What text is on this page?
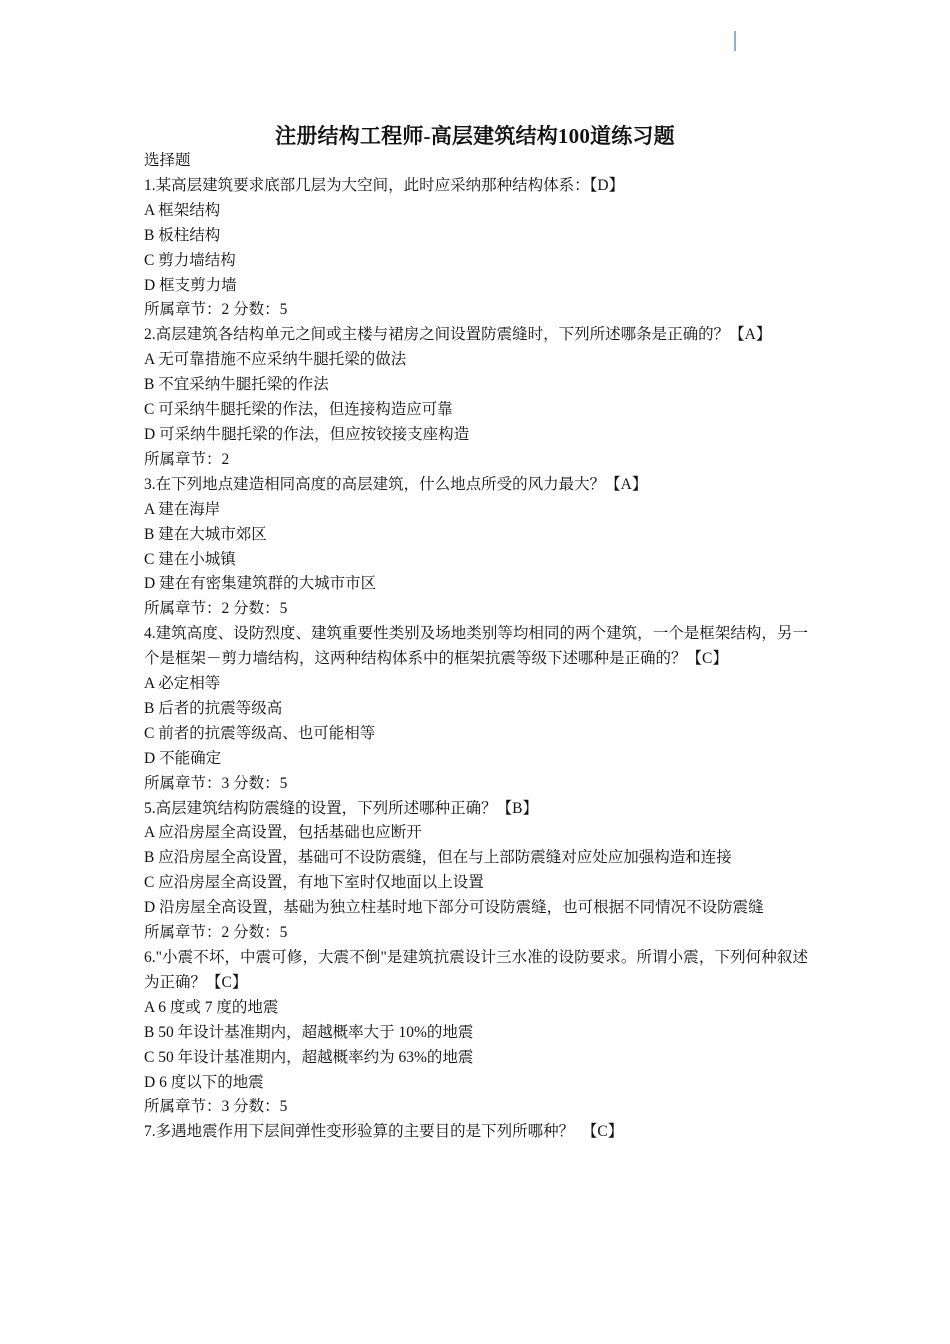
注册结构工程师-高层建筑结构100道练习题
选择题
1.某高层建筑要求底部几层为大空间，此时应采纳那种结构体系：【D】
A 框架结构
B 板柱结构
C 剪力墙结构
D 框支剪力墙
所属章节：2 分数：5
2.高层建筑各结构单元之间或主楼与裙房之间设置防震缝时，下列所述哪条是正确的？【A】
A 无可靠措施不应采纳牛腿托梁的做法
B 不宜采纳牛腿托梁的作法
C 可采纳牛腿托梁的作法，但连接构造应可靠
D 可采纳牛腿托梁的作法，但应按铰接支座构造
所属章节：2
3.在下列地点建造相同高度的高层建筑，什么地点所受的风力最大？【A】
A 建在海岸
B 建在大城市郊区
C 建在小城镇
D 建在有密集建筑群的大城市市区
所属章节：2 分数：5
4.建筑高度、设防烈度、建筑重要性类别及场地类别等均相同的两个建筑，一个是框架结构，另一个是框架－剪力墙结构，这两种结构体系中的框架抗震等级下述哪种是正确的？【C】
A 必定相等
B 后者的抗震等级高
C 前者的抗震等级高、也可能相等
D 不能确定
所属章节：3 分数：5
5.高层建筑结构防震缝的设置，下列所述哪种正确？【B】
A 应沿房屋全高设置，包括基础也应断开
B 应沿房屋全高设置，基础可不设防震缝，但在与上部防震缝对应处应加强构造和连接
C 应沿房屋全高设置，有地下室时仅地面以上设置
D 沿房屋全高设置，基础为独立柱基时地下部分可设防震缝，也可根据不同情况不设防震缝
所属章节：2 分数：5
6."小震不坏，中震可修，大震不倒"是建筑抗震设计三水准的设防要求。所谓小震，下列何种叙述为正确？【C】
A 6 度或 7 度的地震
B 50 年设计基准期内，超越概率大于 10%的地震
C 50 年设计基准期内，超越概率约为 63%的地震
D 6 度以下的地震
所属章节：3 分数：5
7.多遇地震作用下层间弹性变形验算的主要目的是下列所哪种？　【C】
